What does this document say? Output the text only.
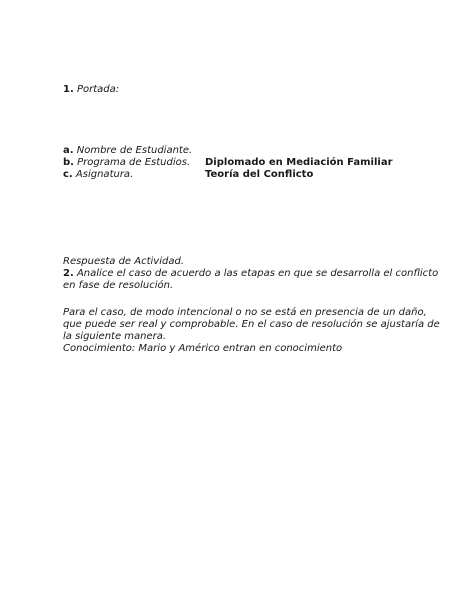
1. Portada:
a. Nombre de Estudiante.
b. Programa de Estudios. Diplomado en Mediación Familiar
c. Asignatura.	Teoría del Conflicto
Respuesta de Actividad.
2. Analice el caso de acuerdo a las etapas en que se desarrolla el conflicto
en fase de resolución.
Para el caso, de modo intencional o no se está en presencia de un daño,
que puede ser real y comprobable. En el caso de resolución se ajustaría de
la siguiente manera.
Conocimiento: Mario y Américo entran en conocimiento
